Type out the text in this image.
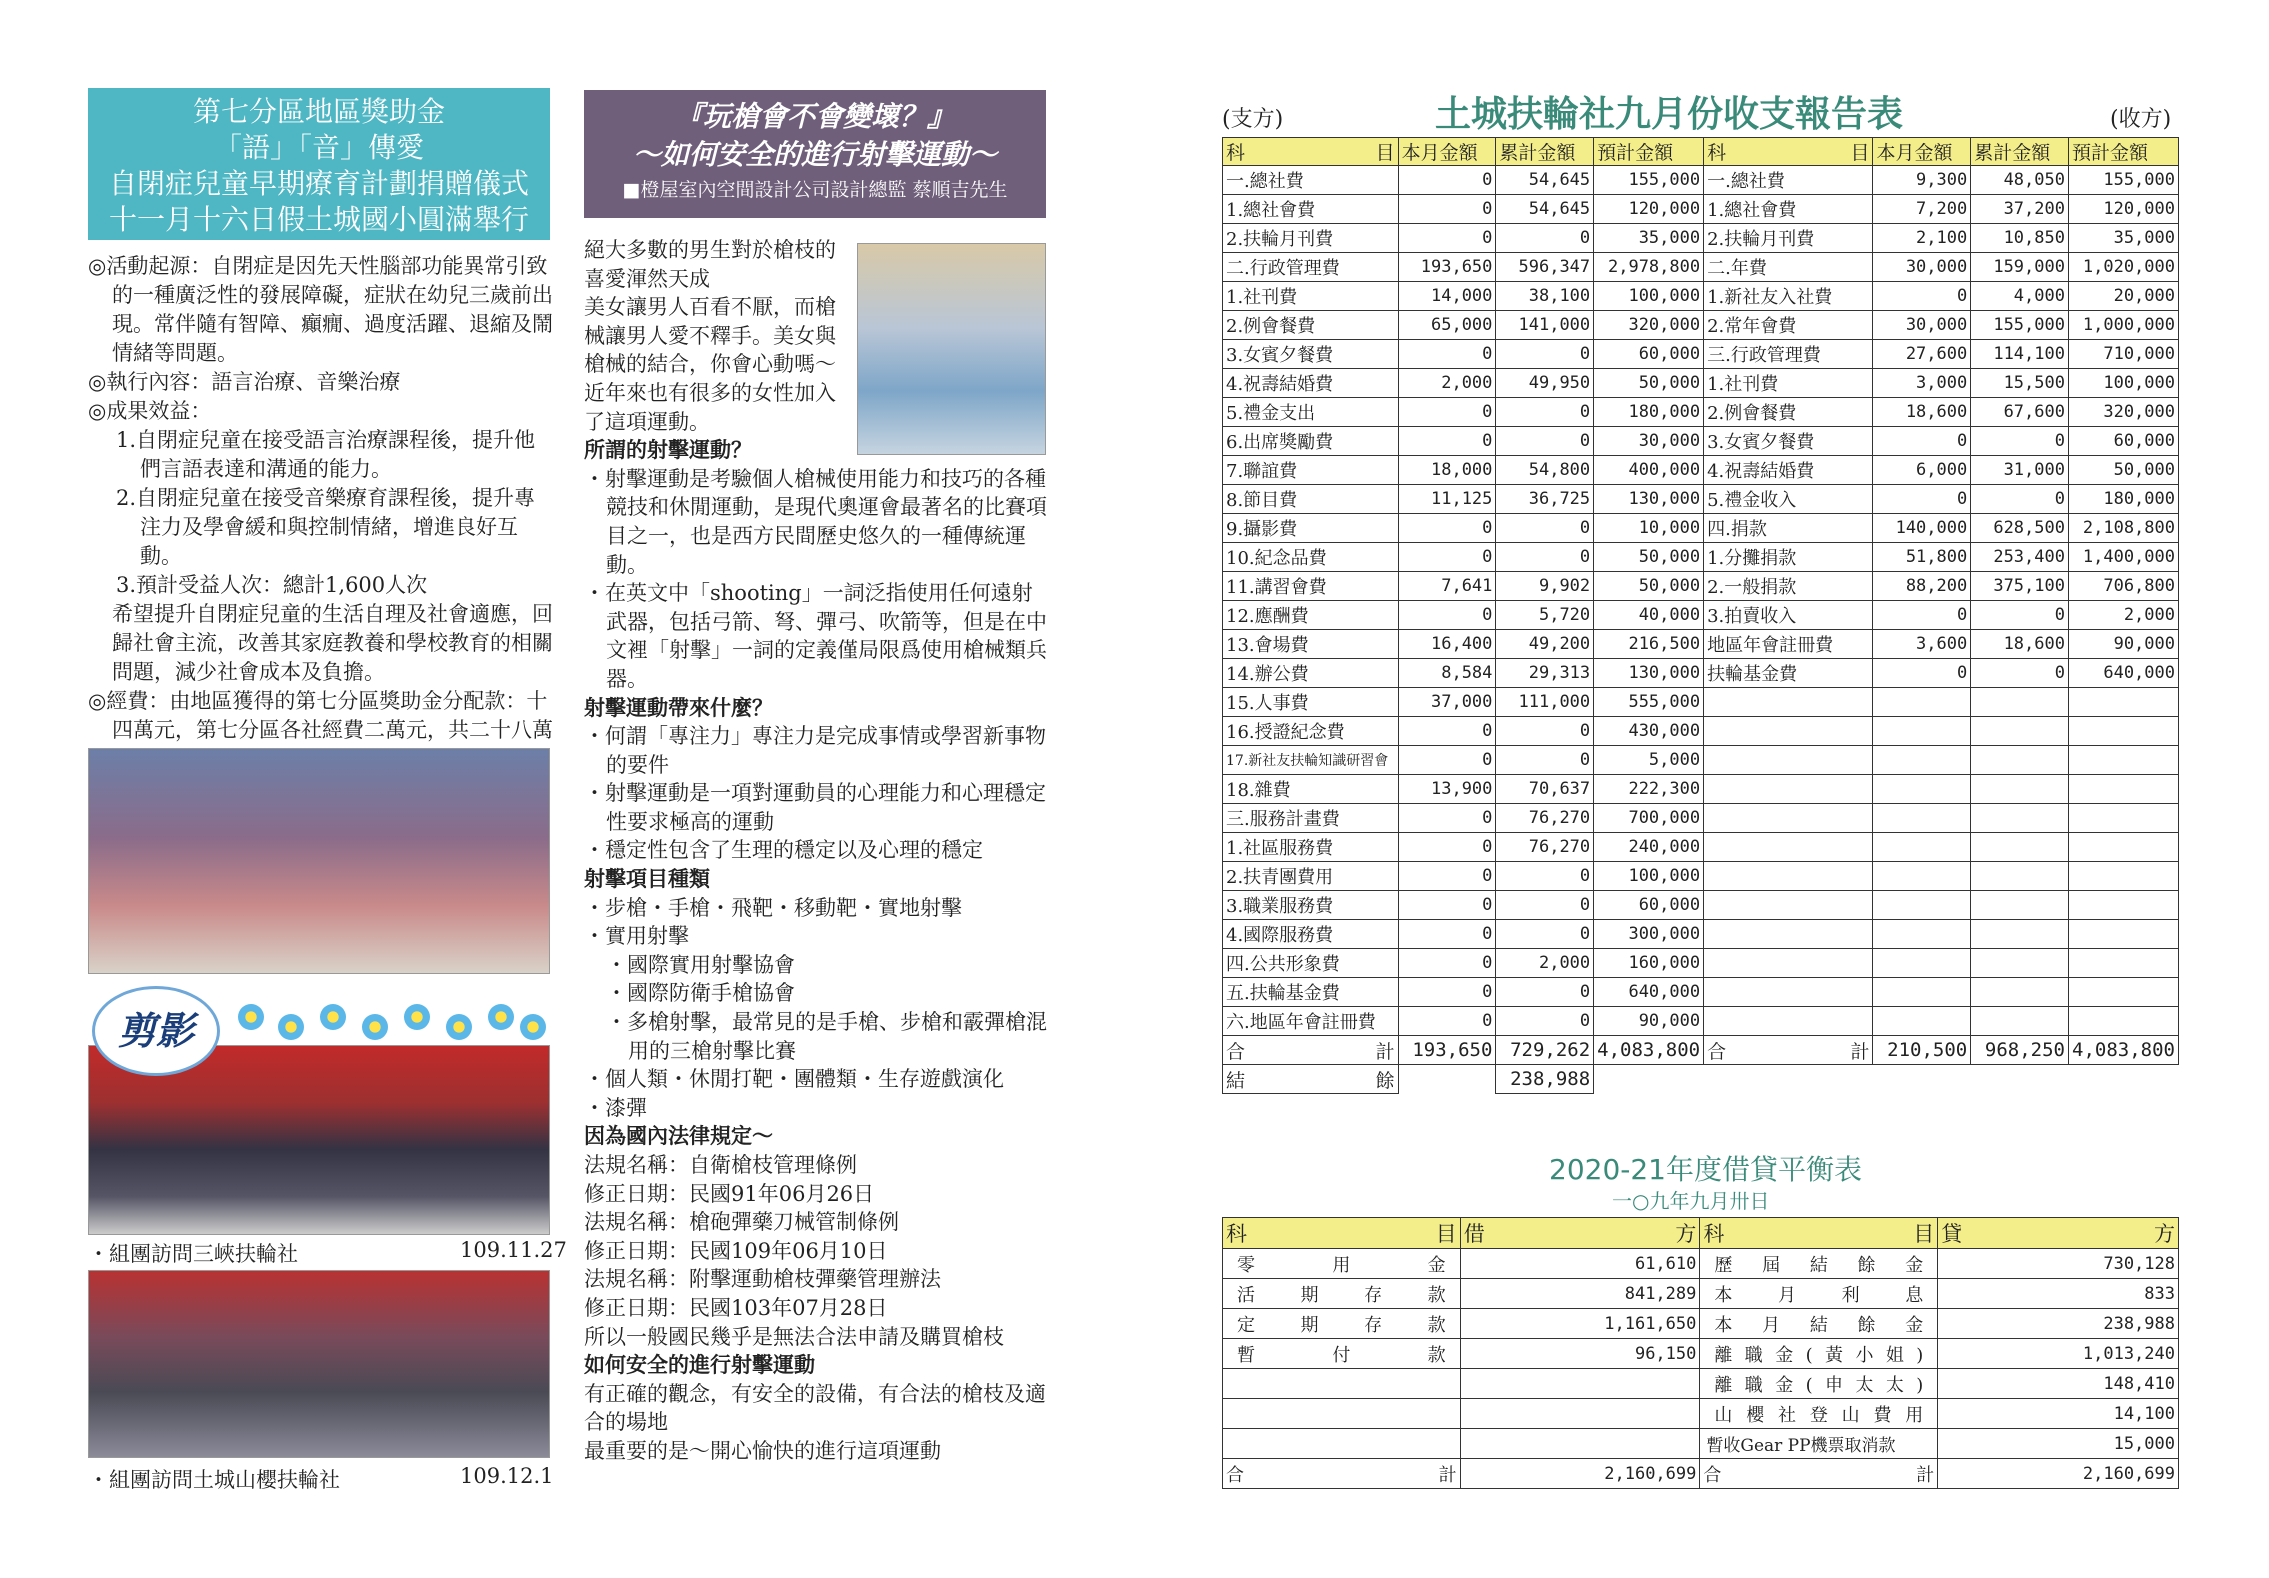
第七分區地區獎助金
「語」「音」傳愛
自閉症兒童早期療育計劃捐贈儀式
十一月十六日假土城國小圓滿舉行

◎活動起源：自閉症是因先天性腦部功能異常引致的一種廣泛性的發展障礙，症狀在幼兒三歲前出現。常伴隨有智障、癲癇、過度活躍、退縮及鬧情緒等問題。

◎執行內容：語言治療、音樂治療

◎成果效益：

1.自閉症兒童在接受語言治療課程後，提升他們言語表達和溝通的能力。

2.自閉症兒童在接受音樂療育課程後，提升專注力及學會緩和與控制情緒，增進良好互動。

3.預計受益人次：總計1,600人次

希望提升自閉症兒童的生活自理及社會適應，回歸社會主流，改善其家庭教養和學校教育的相關問題，減少社會成本及負擔。

◎經費：由地區獲得的第七分區獎助金分配款：十四萬元，第七分區各社經費二萬元，共二十八萬

剪影
・組團訪問三峽扶輪社	109.11.27
・組團訪問土城山櫻扶輪社	109.12.1
『玩槍會不會變壞？』
～如何安全的進行射擊運動～
■橙屋室內空間設計公司設計總監 蔡順吉先生

絕大多數的男生對於槍枝的喜愛渾然天成

美女讓男人百看不厭，而槍械讓男人愛不釋手。美女與槍械的結合，你會心動嗎～

近年來也有很多的女性加入了這項運動。

所謂的射擊運動？

・射擊運動是考驗個人槍械使用能力和技巧的各種競技和休閒運動，是現代奧運會最著名的比賽項目之一，也是西方民間歷史悠久的一種傳統運動。

・在英文中「shooting」一詞泛指使用任何遠射武器，包括弓箭、弩、彈弓、吹箭等，但是在中文裡「射擊」一詞的定義僅局限爲使用槍械類兵器。

射擊運動帶來什麼？

・何謂「專注力」專注力是完成事情或學習新事物的要件

・射擊運動是一項對運動員的心理能力和心理穩定性要求極高的運動

・穩定性包含了生理的穩定以及心理的穩定

射擊項目種類

・步槍・手槍・飛靶・移動靶・實地射擊

・實用射擊

・國際實用射擊協會

・國際防衛手槍協會

・多槍射擊，最常見的是手槍、步槍和霰彈槍混用的三槍射擊比賽

・個人類・休閒打靶・團體類・生存遊戲演化

・漆彈

因為國內法律規定～

法規名稱：自衛槍枝管理條例

修正日期：民國91年06月26日

法規名稱：槍砲彈藥刀械管制條例

修正日期：民國109年06月10日

法規名稱：附擊運動槍枝彈藥管理辦法

修正日期：民國103年07月28日

所以一般國民幾乎是無法合法申請及購買槍枝

如何安全的進行射擊運動

有正確的觀念，有安全的設備，有合法的槍枝及適合的場地

最重要的是～開心愉快的進行這項運動

(支方)	土城扶輪社九月份收支報告表	(收方)
科目	本月金額	累計金額	預計金額	科目	本月金額	累計金額	預計金額
一.總社費	0	54,645	155,000	一.總社費	9,300	48,050	155,000
1.總社會費	0	54,645	120,000	1.總社會費	7,200	37,200	120,000
2.扶輪月刊費	0	0	35,000	2.扶輪月刊費	2,100	10,850	35,000
二.行政管理費	193,650	596,347	2,978,800	二.年費	30,000	159,000	1,020,000
1.社刊費	14,000	38,100	100,000	1.新社友入社費	0	4,000	20,000
2.例會餐費	65,000	141,000	320,000	2.常年會費	30,000	155,000	1,000,000
3.女賓夕餐費	0	0	60,000	三.行政管理費	27,600	114,100	710,000
4.祝壽結婚費	2,000	49,950	50,000	1.社刊費	3,000	15,500	100,000
5.禮金支出	0	0	180,000	2.例會餐費	18,600	67,600	320,000
6.出席獎勵費	0	0	30,000	3.女賓夕餐費	0	0	60,000
7.聯誼費	18,000	54,800	400,000	4.祝壽結婚費	6,000	31,000	50,000
8.節目費	11,125	36,725	130,000	5.禮金收入	0	0	180,000
9.攝影費	0	0	10,000	四.捐款	140,000	628,500	2,108,800
10.紀念品費	0	0	50,000	1.分攤捐款	51,800	253,400	1,400,000
11.講習會費	7,641	9,902	50,000	2.一般捐款	88,200	375,100	706,800
12.應酬費	0	5,720	40,000	3.拍賣收入	0	0	2,000
13.會場費	16,400	49,200	216,500	地區年會註冊費	3,600	18,600	90,000
14.辦公費	8,584	29,313	130,000	扶輪基金費	0	0	640,000
15.人事費	37,000	111,000	555,000				
16.授證紀念費	0	0	430,000				
17.新社友扶輪知識研習會	0	0	5,000				
18.雜費	13,900	70,637	222,300				
三.服務計畫費	0	76,270	700,000				
1.社區服務費	0	76,270	240,000				
2.扶青團費用	0	0	100,000				
3.職業服務費	0	0	60,000				
4.國際服務費	0	0	300,000				
四.公共形象費	0	2,000	160,000				
五.扶輪基金費	0	0	640,000				
六.地區年會註冊費	0	0	90,000				
合計	193,650	729,262	4,083,800	合計	210,500	968,250	4,083,800
結餘		238,988					
2020-21年度借貸平衡表
一○九年九月卅日
科目	借方	科目	貸方
零用金	61,610	歷屆結餘金	730,128
活期存款	841,289	本月利息	833
定期存款	1,161,650	本月結餘金	238,988
暫付款	96,150	離職金(黃小姐)	1,013,240
		離職金(申太太)	148,410
		山櫻社登山費用	14,100
		暫收Gear PP機票取消款	15,000
合計	2,160,699	合計	2,160,699
